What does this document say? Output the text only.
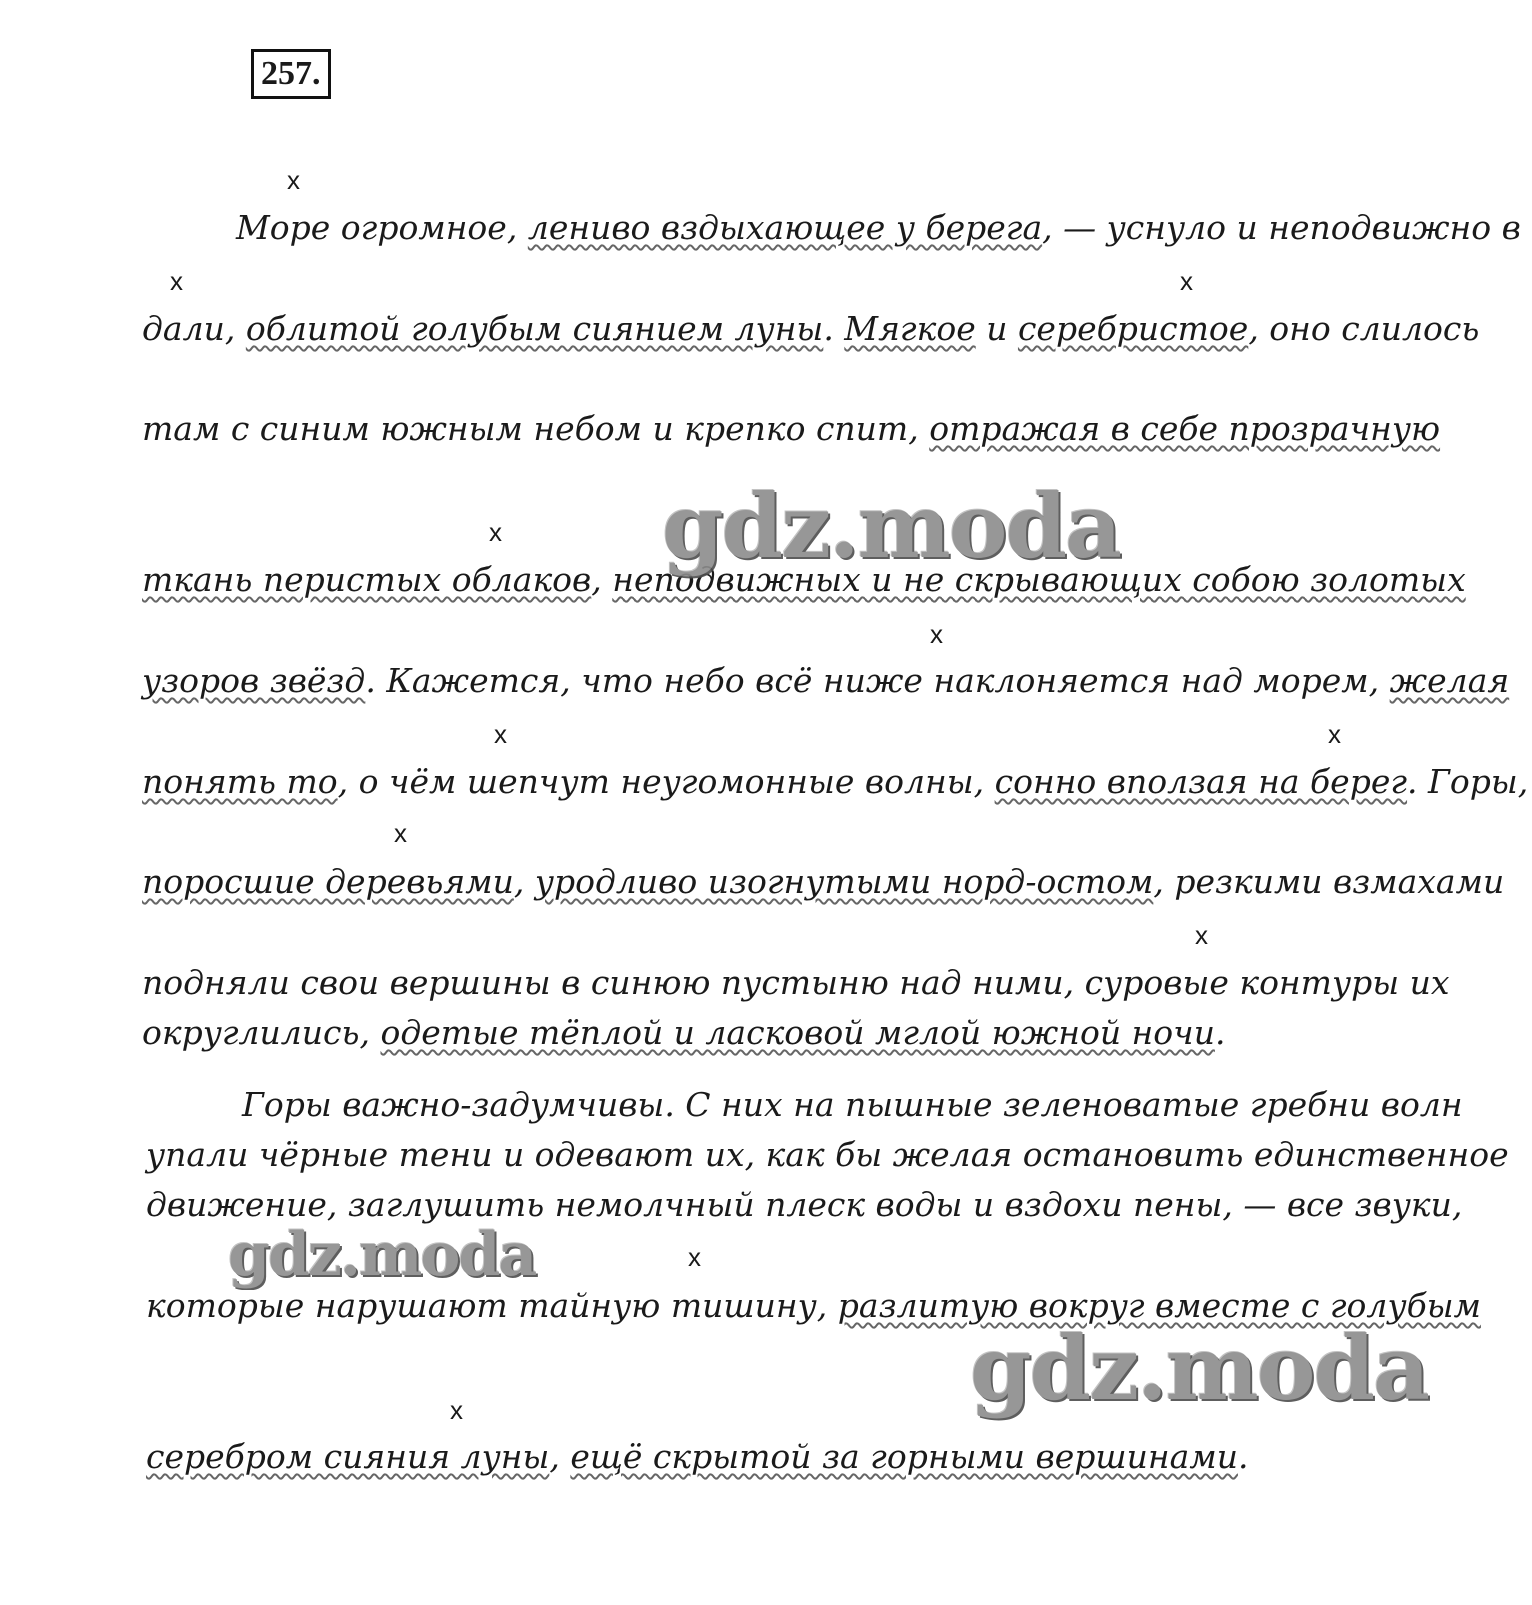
257.
x
x	x
x
x
x	x
x
x
x
x
Море огромное, лениво вздыхающее у берега, — уснуло и неподвижно в
дали, облитой голубым сиянием луны. Мягкое и серебристое, оно слилось
там с синим южным небом и крепко спит, отражая в себе прозрачную
ткань перистых облаков, неподвижных и не скрывающих собою золотых
узоров звёзд. Кажется, что небо всё ниже наклоняется над морем, желая
понять то, о чём шепчут неугомонные волны, сонно вползая на берег. Горы,
поросшие деревьями, уродливо изогнутыми норд-остом, резкими взмахами
подняли свои вершины в синюю пустыню над ними, суровые контуры их
округлились, одетые тёплой и ласковой мглой южной ночи.
Горы важно-задумчивы. С них на пышные зеленоватые гребни волн
упали чёрные тени и одевают их, как бы желая остановить единственное
движение, заглушить немолчный плеск воды и вздохи пены, — все звуки,
которые нарушают тайную тишину, разлитую вокруг вместе с голубым
серебром сияния луны, ещё скрытой за горными вершинами.
gdz.moda
gdz.moda
gdz.moda
